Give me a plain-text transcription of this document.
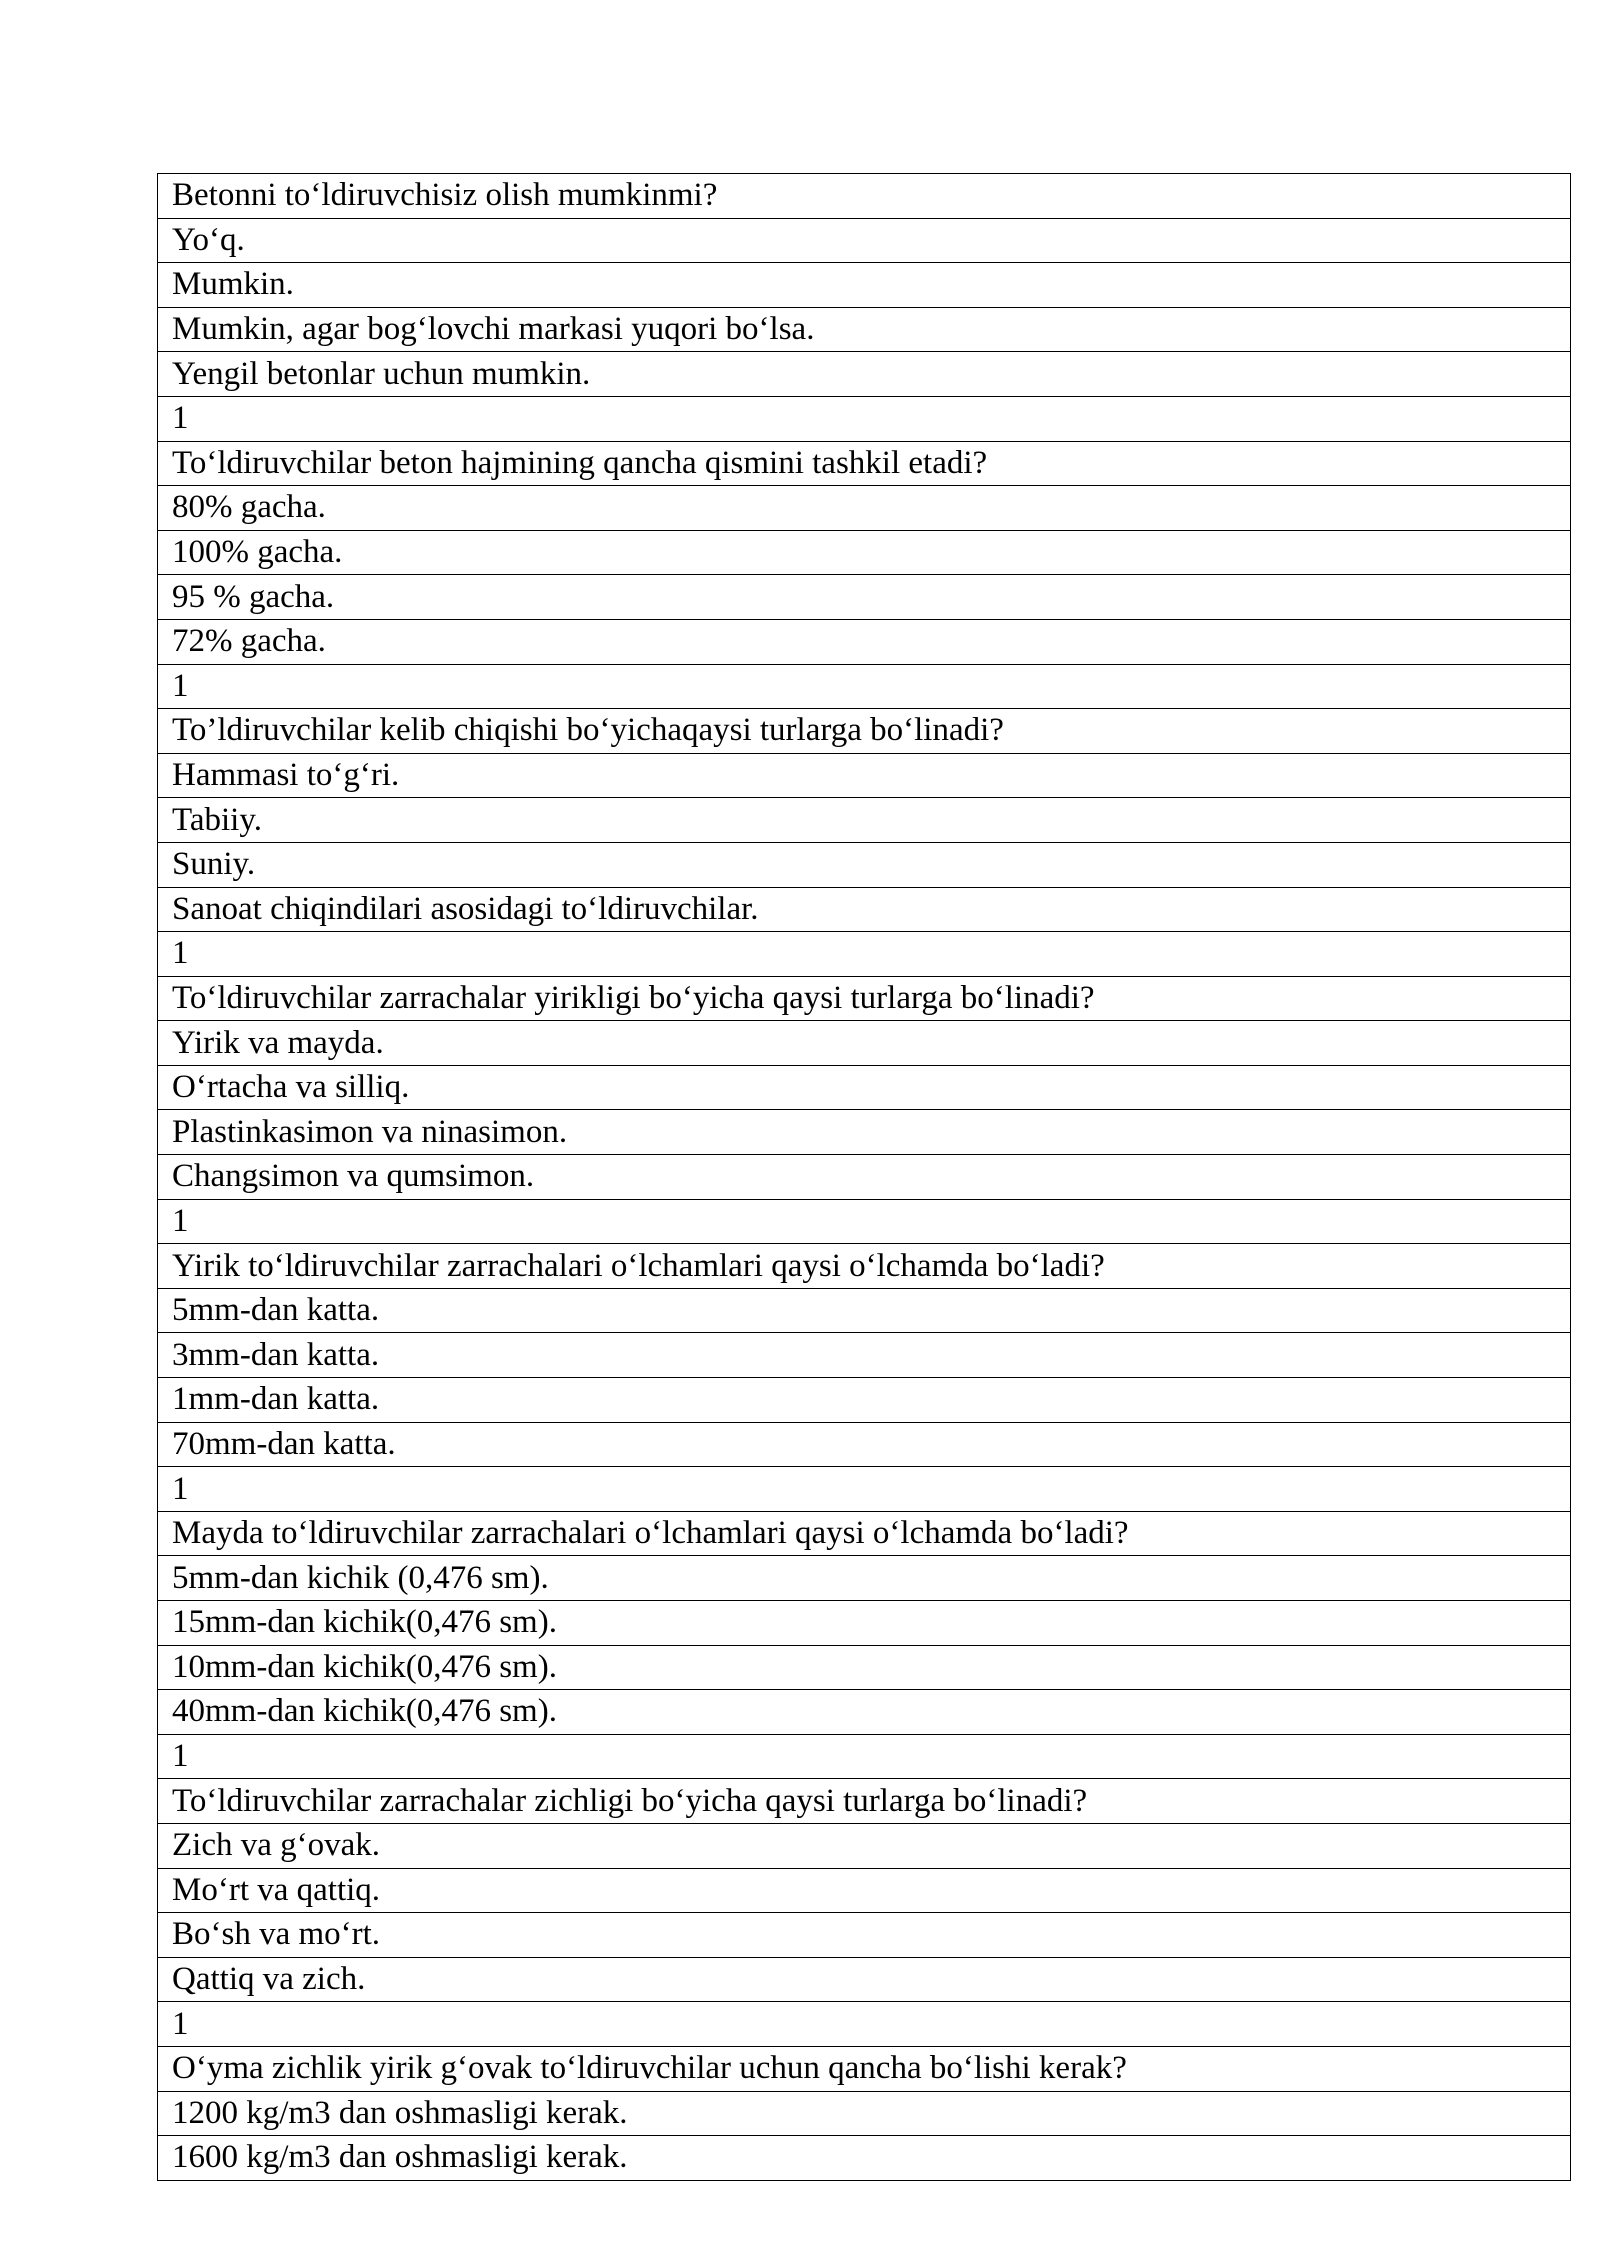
Betonni to‘ldiruvchisiz olish mumkinmi?
Yo‘q.
Mumkin.
Mumkin, agar bog‘lovchi markasi yuqori bo‘lsa.
Yengil betonlar uchun mumkin.
1
To‘ldiruvchilar beton hajmining qancha qismini tashkil etadi?
80% gacha.
100% gacha.
95 % gacha.
72% gacha.
1
To’ldiruvchilar kelib chiqishi bo‘yichaqaysi turlarga bo‘linadi?
Hammasi to‘g‘ri.
Tabiiy.
Suniy.
Sanoat chiqindilari asosidagi to‘ldiruvchilar.
1
To‘ldiruvchilar zarrachalar yirikligi bo‘yicha qaysi turlarga bo‘linadi?
Yirik va mayda.
O‘rtacha va silliq.
Plastinkasimon va ninasimon.
Changsimon va qumsimon.
1
Yirik to‘ldiruvchilar zarrachalari o‘lchamlari qaysi o‘lchamda bo‘ladi?
5mm-dan katta.
3mm-dan katta.
1mm-dan katta.
70mm-dan katta.
1
Mayda to‘ldiruvchilar zarrachalari o‘lchamlari qaysi o‘lchamda bo‘ladi?
5mm-dan kichik (0,476 sm).
15mm-dan kichik(0,476 sm).
10mm-dan kichik(0,476 sm).
40mm-dan kichik(0,476 sm).
1
To‘ldiruvchilar zarrachalar zichligi bo‘yicha qaysi turlarga bo‘linadi?
Zich va g‘ovak.
Mo‘rt va qattiq.
Bo‘sh va mo‘rt.
Qattiq va zich.
1
O‘yma zichlik yirik g‘ovak to‘ldiruvchilar uchun qancha bo‘lishi kerak?
1200 kg/m3 dan oshmasligi kerak.
1600 kg/m3 dan oshmasligi kerak.
